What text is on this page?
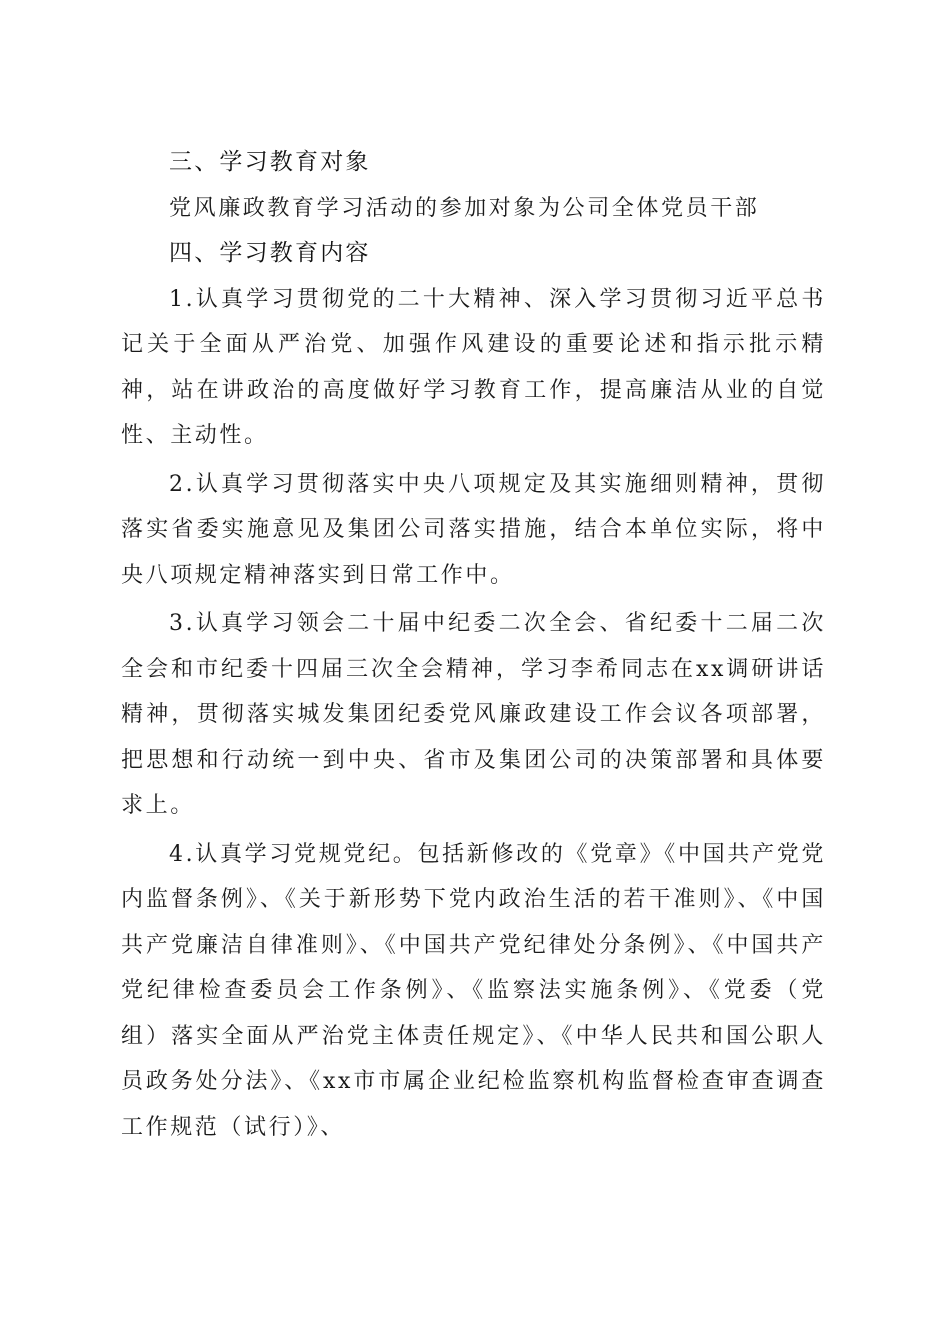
三、学习教育对象

党风廉政教育学习活动的参加对象为公司全体党员干部

四、学习教育内容

1.认真学习贯彻党的二十大精神、深入学习贯彻习近平总书记关于全面从严治党、加强作风建设的重要论述和指示批示精神，站在讲政治的高度做好学习教育工作，提高廉洁从业的自觉性、主动性。

2.认真学习贯彻落实中央八项规定及其实施细则精神，贯彻落实省委实施意见及集团公司落实措施，结合本单位实际，将中央八项规定精神落实到日常工作中。

3.认真学习领会二十届中纪委二次全会、省纪委十二届二次全会和市纪委十四届三次全会精神，学习李希同志在xx调研讲话精神，贯彻落实城发集团纪委党风廉政建设工作会议各项部署，把思想和行动统一到中央、省市及集团公司的决策部署和具体要求上。

4.认真学习党规党纪。包括新修改的《党章》《中国共产党党内监督条例》、《关于新形势下党内政治生活的若干准则》、《中国共产党廉洁自律准则》、《中国共产党纪律处分条例》、《中国共产党纪律检查委员会工作条例》、《监察法实施条例》、《党委（党组）落实全面从严治党主体责任规定》、《中华人民共和国公职人员政务处分法》、《xx市市属企业纪检监察机构监督检查审查调查工作规范（试行）》、
